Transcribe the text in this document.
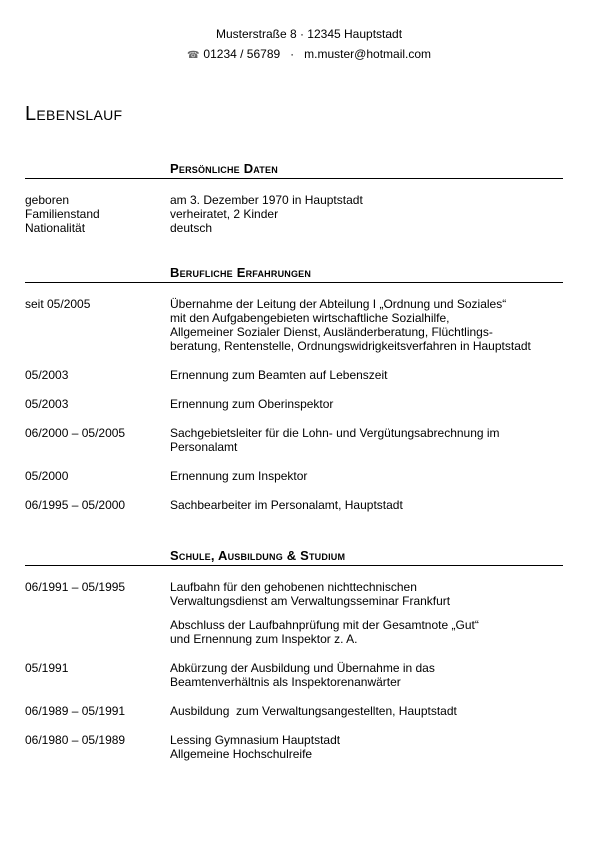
Musterstraße 8 · 12345 Hauptstadt
☎ 01234 / 56789 · m.muster@hotmail.com
Lebenslauf
Persönliche Daten
geboren	am 3. Dezember 1970 in Hauptstadt
Familienstand	verheiratet, 2 Kinder
Nationalität	deutsch
Berufliche Erfahrungen
seit 05/2005	Übernahme der Leitung der Abteilung I „Ordnung und Soziales“
mit den Aufgabengebieten wirtschaftliche Sozialhilfe,
Allgemeiner Sozialer Dienst, Ausländerberatung, Flüchtlings-
beratung, Rentenstelle, Ordnungswidrigkeitsverfahren in Hauptstadt
05/2003	Ernennung zum Beamten auf Lebenszeit
05/2003	Ernennung zum Oberinspektor
06/2000 – 05/2005	Sachgebietsleiter für die Lohn- und Vergütungsabrechnung im
Personalamt
05/2000	Ernennung zum Inspektor
06/1995 – 05/2000	Sachbearbeiter im Personalamt, Hauptstadt
Schule, Ausbildung & Studium
06/1991 – 05/1995	Laufbahn für den gehobenen nichttechnischen
Verwaltungsdienst am Verwaltungsseminar Frankfurt
Abschluss der Laufbahnprüfung mit der Gesamtnote „Gut“
und Ernennung zum Inspektor z. A.
05/1991	Abkürzung der Ausbildung und Übernahme in das
Beamtenverhältnis als Inspektorenanwärter
06/1989 – 05/1991	Ausbildung  zum Verwaltungsangestellten, Hauptstadt
06/1980 – 05/1989	Lessing Gymnasium Hauptstadt
Allgemeine Hochschulreife
